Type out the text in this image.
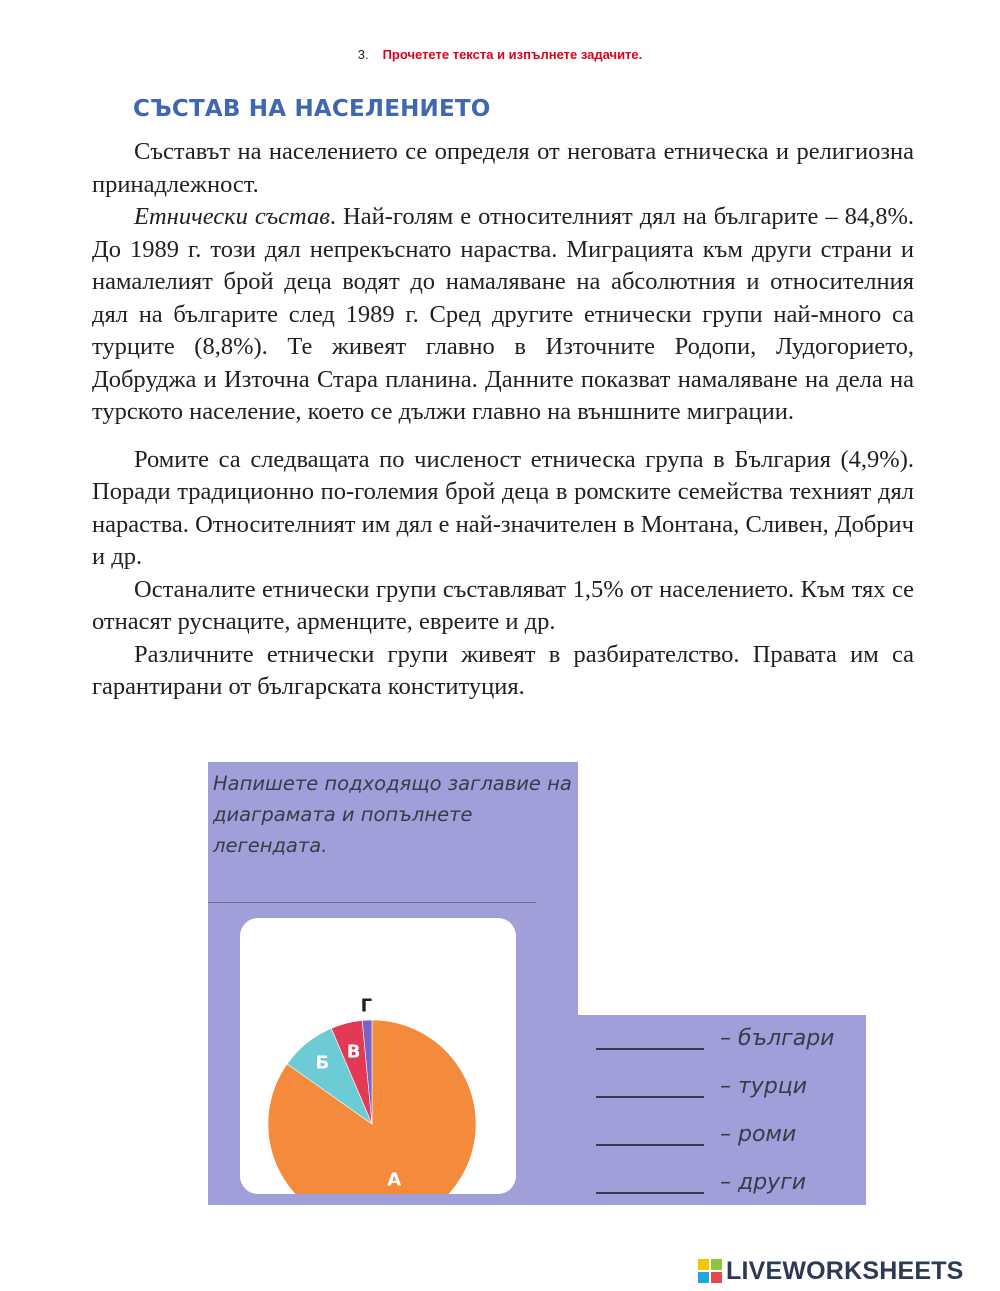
3. Прочетете текста и изпълнете задачите.
СЪСТАВ НА НАСЕЛЕНИЕТО

Съставът на населението се определя от неговата етническа и религиозна принадлежност.

Етнически състав. Най-голям е относителният дял на българите – 84,8%. До 1989 г. този дял непрекъснато нараства. Миграцията към други страни и намалелият брой деца водят до намаляване на абсолютния и относителния дял на българите след 1989 г. Сред другите етнически групи най-много са турците (8,8%). Те живеят главно в Източните Родопи, Лудогорието, Добруджа и Източна Стара планина. Данните показват намаляване на дела на турското население, което се дължи главно на външните миграции.

Ромите са следващата по численост етническа група в България (4,9%). Поради традиционно по-големия брой деца в ромските семейства техният дял нараства. Относителният им дял е най-значителен в Монтана, Сливен, Добрич и др.

Останалите етнически групи съставляват 1,5% от населението. Към тях се отнасят руснаците, арменците, евреите и др.

Различните етнически групи живеят в разбирателство. Правата им са гарантирани от българската конституция.

Напишете подходящо заглавие на диаграмата и попълнете легендата.
А
Б
В
Г
– българи
– турци
– роми
– други
LIVEWORKSHEETS
